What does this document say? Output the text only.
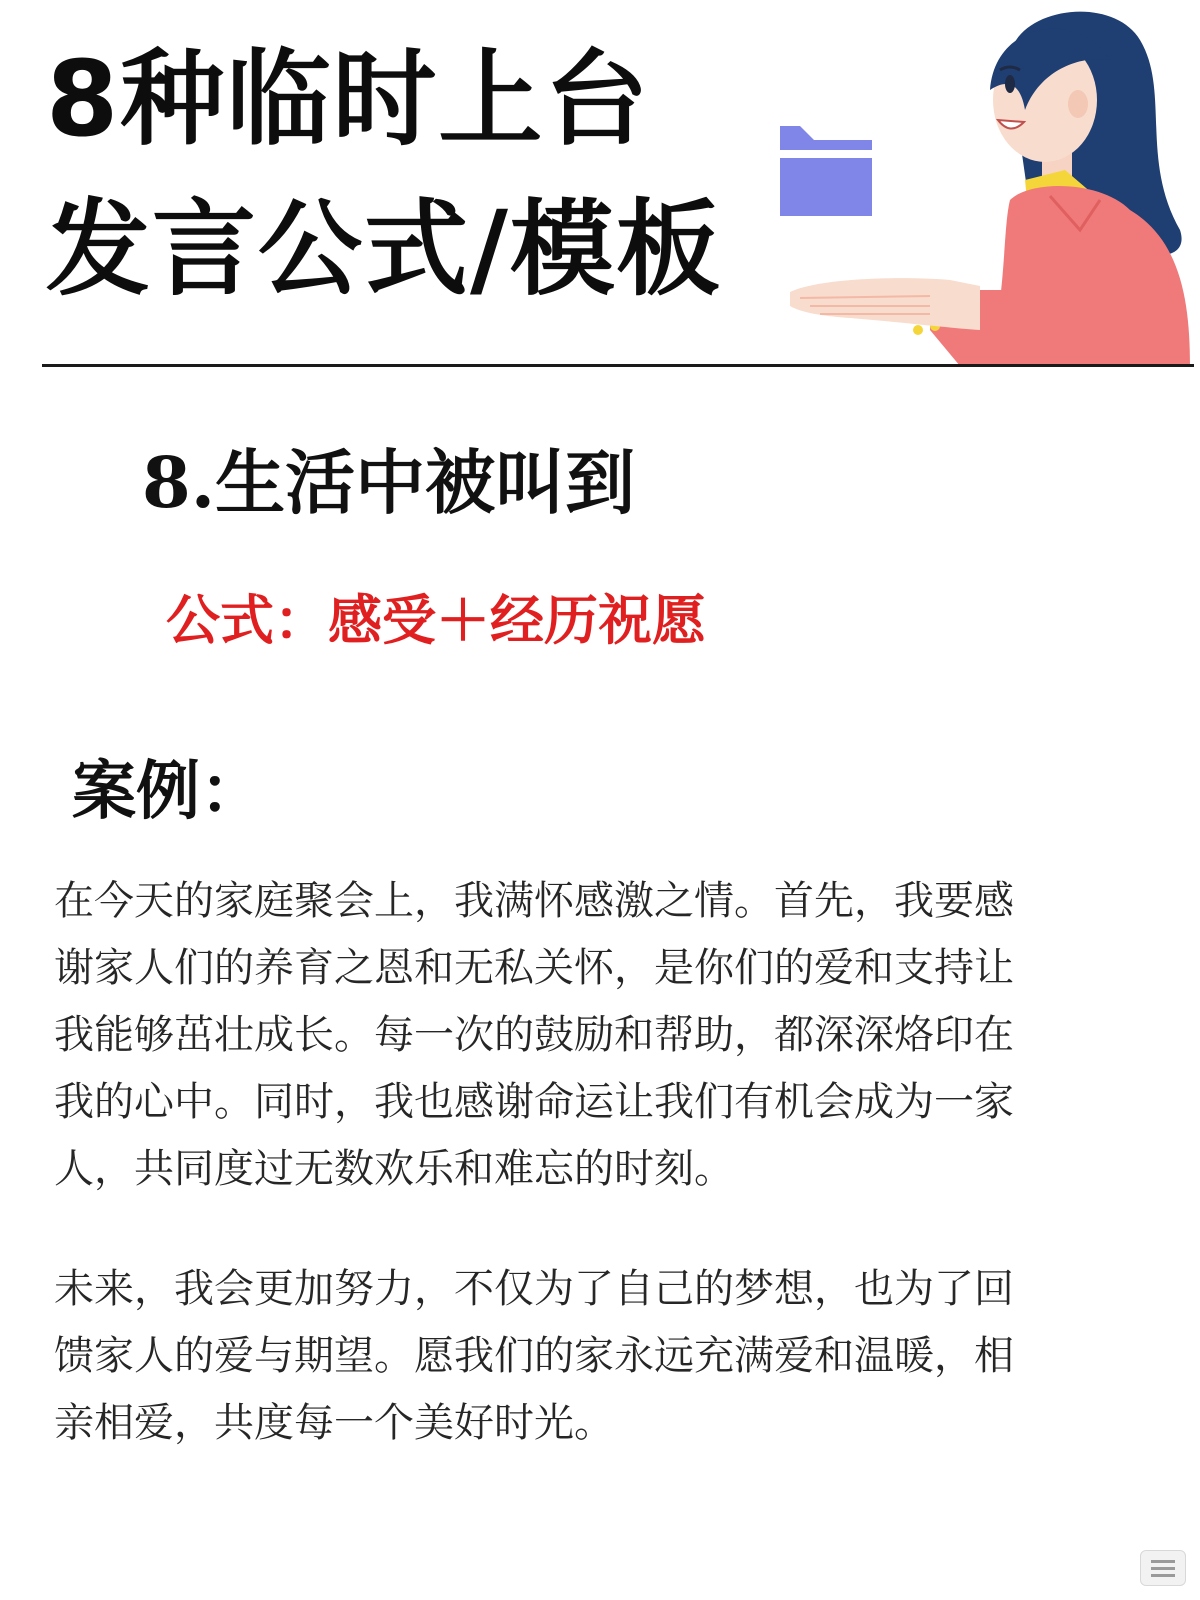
8种临时上台
发言公式/模板
8.生活中被叫到
公式：感受＋经历祝愿
案例：

在今天的家庭聚会上，我满怀感激之情。首先，我要感
谢家人们的养育之恩和无私关怀，是你们的爱和支持让
我能够茁壮成长。每一次的鼓励和帮助，都深深烙印在
我的心中。同时，我也感谢命运让我们有机会成为一家
人，共同度过无数欢乐和难忘的时刻。

未来，我会更加努力，不仅为了自己的梦想，也为了回
馈家人的爱与期望。愿我们的家永远充满爱和温暖，相
亲相爱，共度每一个美好时光。
